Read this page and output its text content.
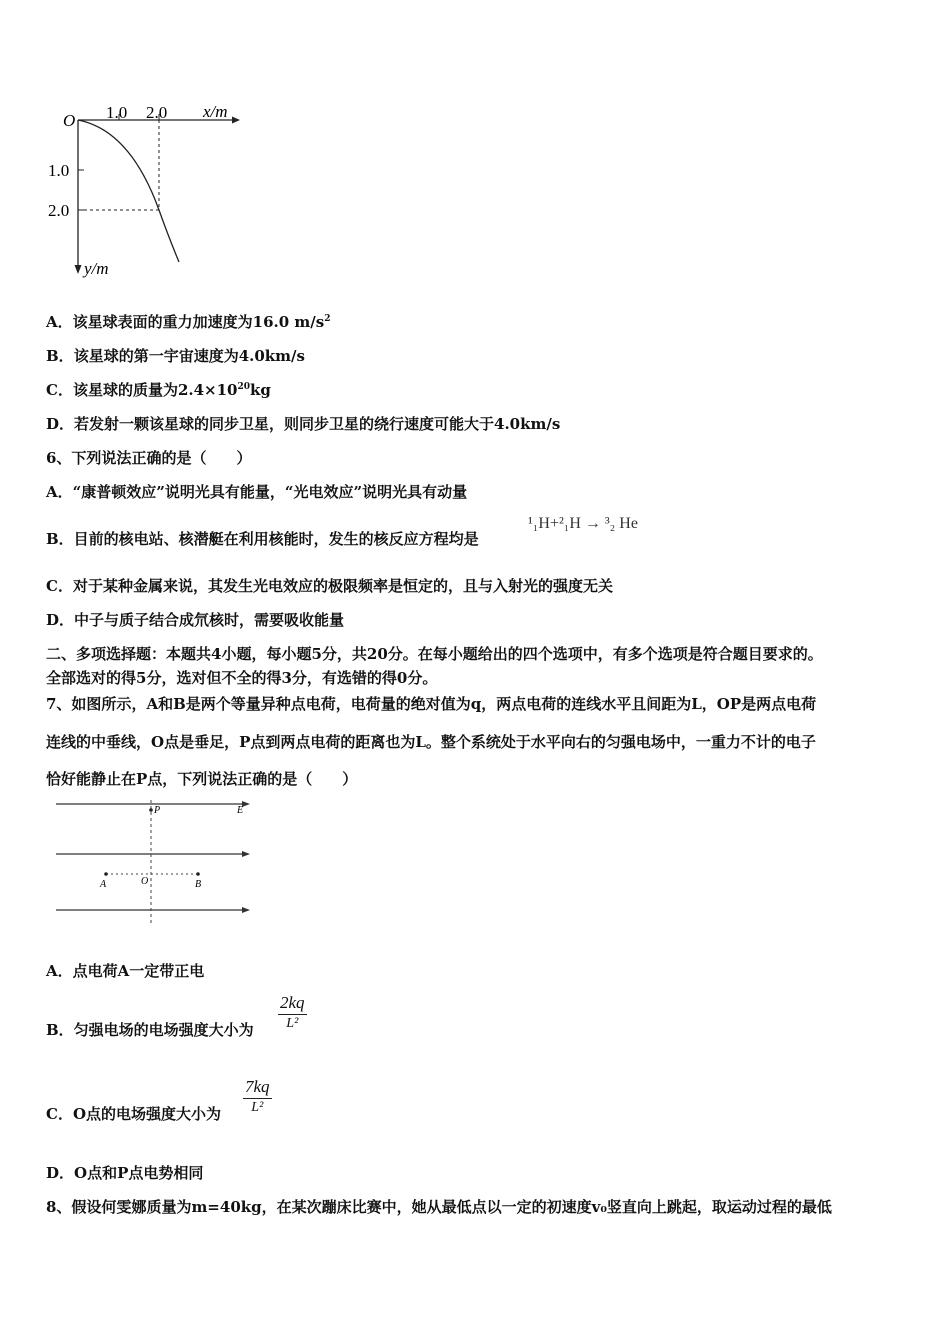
O 1.0 2.0 x/m
1.0
2.0
y/m
A．该星球表面的重力加速度为16.0 $m/s^2$
B．该星球的第一宇宙速度为4.0km/s
C．该星球的质量为$2.4\times 10^{20}kg$
D．若发射一颗该星球的同步卫星，则同步卫星的绕行速度可能大于4.0km/s
6、下列说法正确的是（　　）
A．“康普顿效应”说明光具有能量，“光电效应”说明光具有动量
B．目前的核电站、核潜艇在利用核能时，发生的核反应方程均是
¹₁H+²₁H → ³₂ He
C．对于某种金属来说，其发生光电效应的极限频率是恒定的，且与入射光的强度无关
D．中子与质子结合成氘核时，需要吸收能量
二、多项选择题：本题共4小题，每小题5分，共20分。在每小题给出的四个选项中，有多个选项是符合题目要求的。
全部选对的得5分，选对但不全的得3分，有选错的得0分。
7、如图所示，A和B是两个等量异种点电荷，电荷量的绝对值为q，两点电荷的连线水平且间距为L，OP是两点电荷
连线的中垂线，O点是垂足，P点到两点电荷的距离也为L。整个系统处于水平向右的匀强电场中，一重力不计的电子
恰好能静止在P点，下列说法正确的是（　　）
P	E
O
A	B
A．点电荷A一定带正电
B．匀强电场的电场强度大小为
2kq
L²
C．O点的电场强度大小为
7kq
L²
D．O点和P点电势相同
8、假设何雯娜质量为m=40kg，在某次蹦床比赛中，她从最低点以一定的初速度v₀竖直向上跳起，取运动过程的最低
